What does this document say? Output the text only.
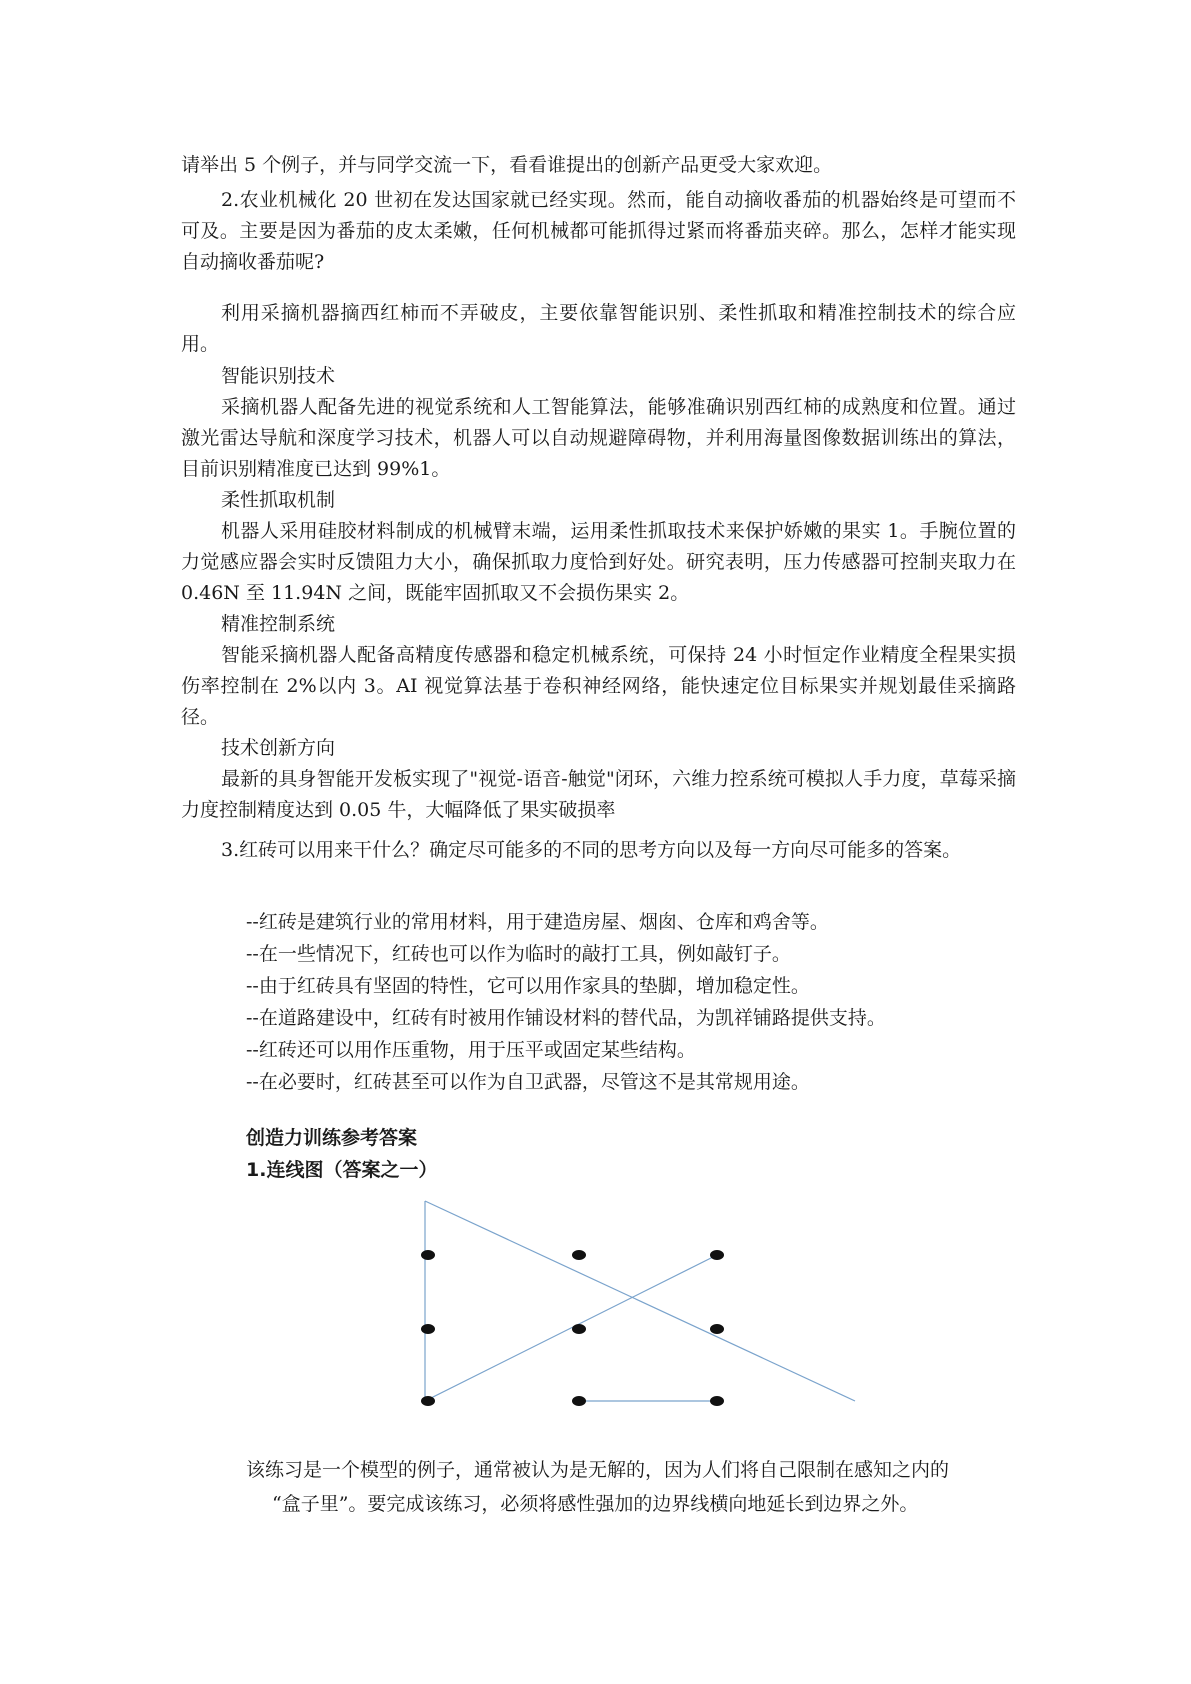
请举出 5 个例子，并与同学交流一下，看看谁提出的创新产品更受大家欢迎。

2.农业机械化 20 世初在发达国家就已经实现。然而，能自动摘收番茄的机器始终是可望而不可及。主要是因为番茄的皮太柔嫩，任何机械都可能抓得过紧而将番茄夹碎。那么，怎样才能实现自动摘收番茄呢?

利用采摘机器摘西红柿而不弄破皮，主要依靠智能识别、柔性抓取和精准控制技术的综合应用。

智能识别技术

采摘机器人配备先进的视觉系统和人工智能算法，能够准确识别西红柿的成熟度和位置。通过激光雷达导航和深度学习技术，机器人可以自动规避障碍物，并利用海量图像数据训练出的算法，目前识别精准度已达到 99%1。

柔性抓取机制

机器人采用硅胶材料制成的机械臂末端，运用柔性抓取技术来保护娇嫩的果实 1。手腕位置的力觉感应器会实时反馈阻力大小，确保抓取力度恰到好处。研究表明，压力传感器可控制夹取力在 0.46N 至 11.94N 之间，既能牢固抓取又不会损伤果实 2。

精准控制系统

智能采摘机器人配备高精度传感器和稳定机械系统，可保持 24 小时恒定作业精度全程果实损伤率控制在 2%以内 3。AI 视觉算法基于卷积神经网络，能快速定位目标果实并规划最佳采摘路径。

技术创新方向

最新的具身智能开发板实现了"视觉-语音-触觉"闭环，六维力控系统可模拟人手力度，草莓采摘力度控制精度达到 0.05 牛，大幅降低了果实破损率

3.红砖可以用来干什么？确定尽可能多的不同的思考方向以及每一方向尽可能多的答案。

--红砖是建筑行业的常用材料，用于建造房屋、烟囱、仓库和鸡舍等。
--在一些情况下，红砖也可以作为临时的敲打工具，例如敲钉子。
--由于红砖具有坚固的特性，它可以用作家具的垫脚，增加稳定性。
--在道路建设中，红砖有时被用作铺设材料的替代品，为凯祥铺路提供支持。
--红砖还可以用作压重物，用于压平或固定某些结构。
--在必要时，红砖甚至可以作为自卫武器，尽管这不是其常规用途。

创造力训练参考答案

1.连线图（答案之一）

该练习是一个模型的例子，通常被认为是无解的，因为人们将自己限制在感知之内的
“盒子里”。要完成该练习，必须将感性强加的边界线横向地延长到边界之外。
